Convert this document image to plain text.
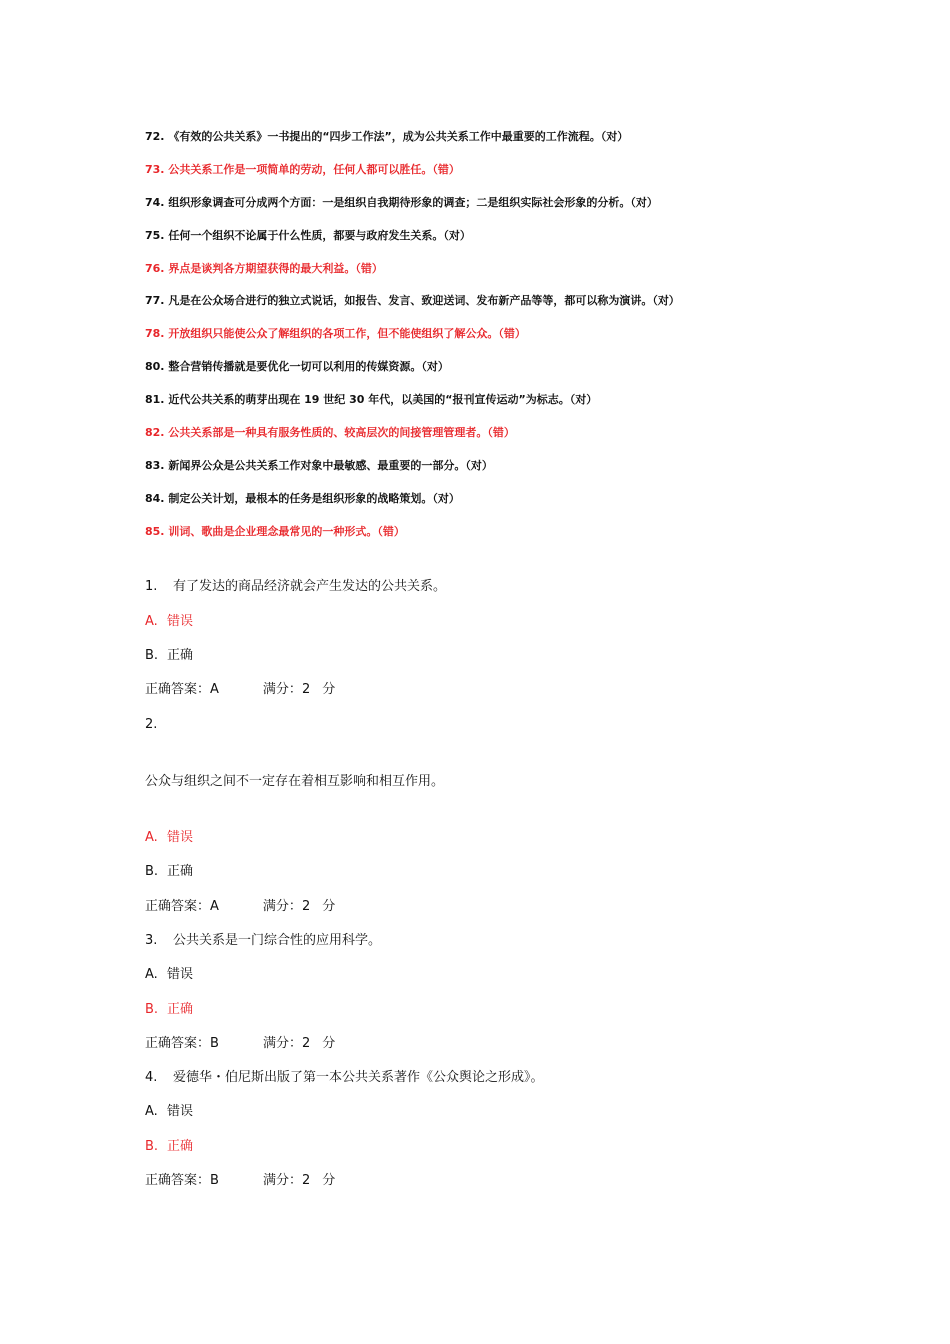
72. 《有效的公共关系》一书提出的“四步工作法”，成为公共关系工作中最重要的工作流程。（对）
73. 公共关系工作是一项简单的劳动，任何人都可以胜任。（错）
74. 组织形象调查可分成两个方面：一是组织自我期待形象的调查；二是组织实际社会形象的分析。（对）
75. 任何一个组织不论属于什么性质，都要与政府发生关系。（对）
76. 界点是谈判各方期望获得的最大利益。（错）
77. 凡是在公众场合进行的独立式说话，如报告、发言、致迎送词、发布新产品等等，都可以称为演讲。（对）
78. 开放组织只能使公众了解组织的各项工作，但不能使组织了解公众。（错）
80. 整合营销传播就是要优化一切可以利用的传媒资源。（对）
81. 近代公共关系的萌芽出现在 19 世纪 30 年代，以美国的“报刊宣传运动”为标志。（对）
82. 公共关系部是一种具有服务性质的、较高层次的间接管理管理者。（错）
83. 新闻界公众是公共关系工作对象中最敏感、最重要的一部分。（对）
84. 制定公关计划，最根本的任务是组织形象的战略策划。（对）
85. 训词、歌曲是企业理念最常见的一种形式。（错）
1. 有了发达的商品经济就会产生发达的公共关系。
A. 错误
B. 正确
正确答案：A	满分：2 分
2.
公众与组织之间不一定存在着相互影响和相互作用。
A. 错误
B. 正确
正确答案：A	满分：2 分
3. 公共关系是一门综合性的应用科学。
A. 错误
B. 正确
正确答案：B	满分：2 分
4. 爱德华・伯尼斯出版了第一本公共关系著作《公众舆论之形成》。
A. 错误
B. 正确
正确答案：B	满分：2 分
